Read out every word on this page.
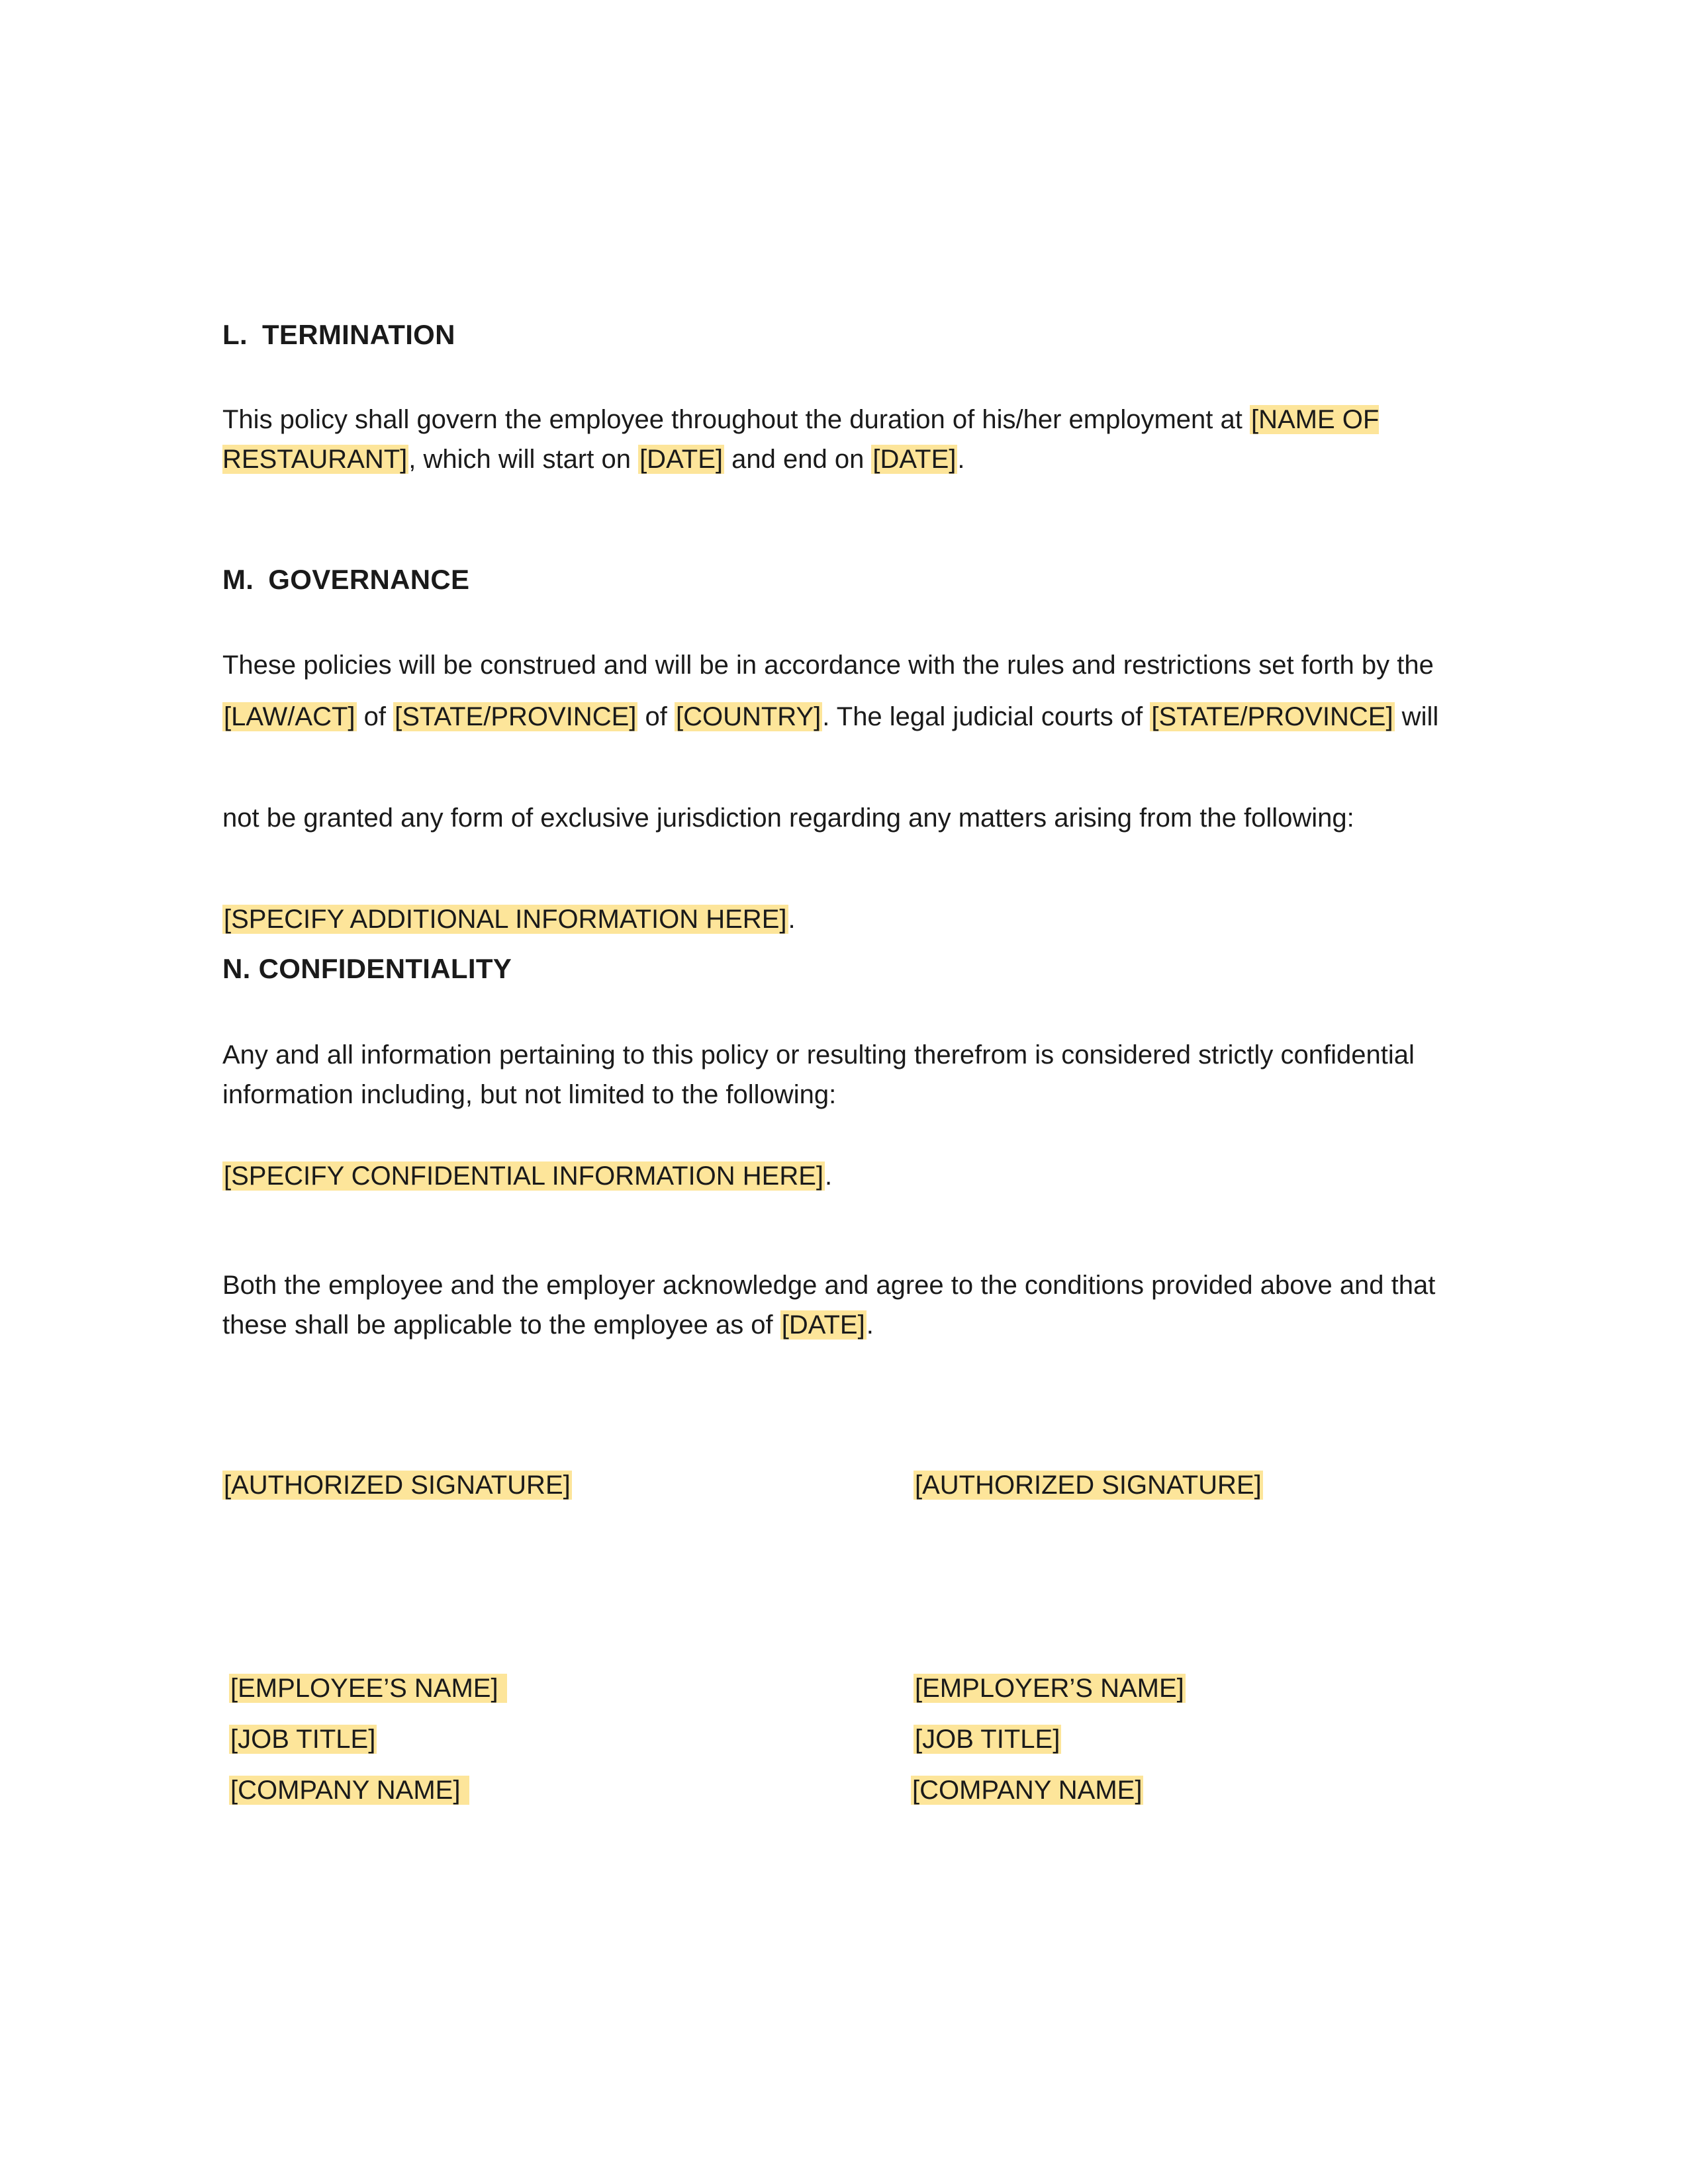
L. TERMINATION

This policy shall govern the employee throughout the duration of his/her employment at [NAME OF RESTAURANT], which will start on [DATE] and end on [DATE].

M. GOVERNANCE

These policies will be construed and will be in accordance with the rules and restrictions set forth by the

[LAW/ACT] of [STATE/PROVINCE] of [COUNTRY]. The legal judicial courts of [STATE/PROVINCE] will

not be granted any form of exclusive jurisdiction regarding any matters arising from the following:

[SPECIFY ADDITIONAL INFORMATION HERE].

N. CONFIDENTIALITY

Any and all information pertaining to this policy or resulting therefrom is considered strictly confidential information including, but not limited to the following:

[SPECIFY CONFIDENTIAL INFORMATION HERE].

Both the employee and the employer acknowledge and agree to the conditions provided above and that these shall be applicable to the employee as of [DATE].

[AUTHORIZED SIGNATURE]	[AUTHORIZED SIGNATURE]
[EMPLOYEE’S NAME]
[JOB TITLE]
[COMPANY NAME]
[EMPLOYER’S NAME]
[JOB TITLE]
[COMPANY NAME]
